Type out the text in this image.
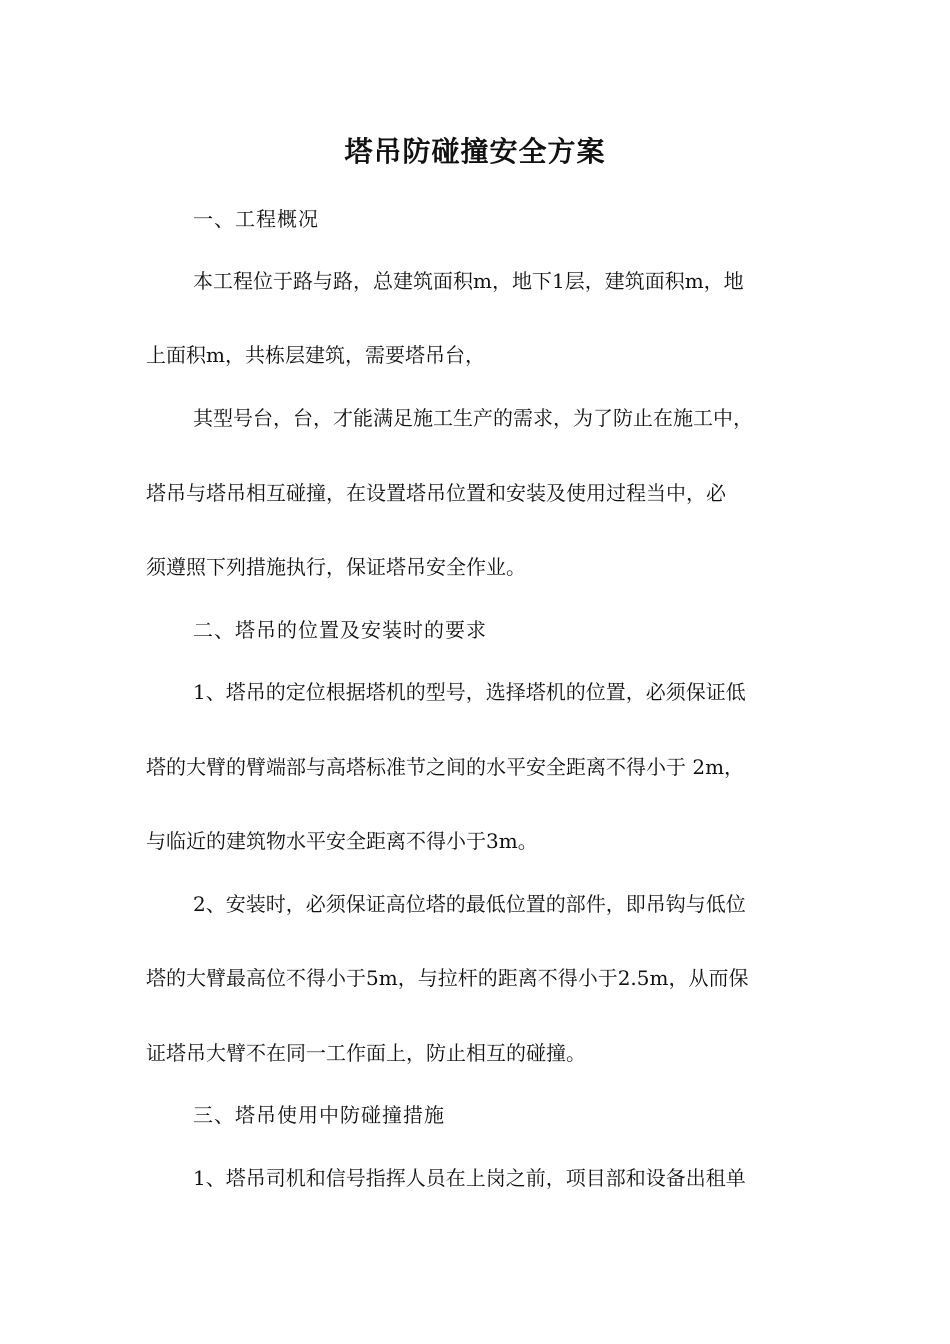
塔吊防碰撞安全方案

一、工程概况

本工程位于路与路，总建筑面积m，地下1层，建筑面积m，地

上面积m，共栋层建筑，需要塔吊台，

其型号台，台，才能满足施工生产的需求，为了防止在施工中，

塔吊与塔吊相互碰撞，在设置塔吊位置和安装及使用过程当中，必

须遵照下列措施执行，保证塔吊安全作业。

二、塔吊的位置及安装时的要求

1、塔吊的定位根据塔机的型号，选择塔机的位置，必须保证低

塔的大臂的臂端部与高塔标准节之间的水平安全距离不得小于 2m，

与临近的建筑物水平安全距离不得小于3m。

2、安装时，必须保证高位塔的最低位置的部件，即吊钩与低位

塔的大臂最高位不得小于5m，与拉杆的距离不得小于2.5m，从而保

证塔吊大臂不在同一工作面上，防止相互的碰撞。

三、塔吊使用中防碰撞措施

1、塔吊司机和信号指挥人员在上岗之前，项目部和设备出租单
